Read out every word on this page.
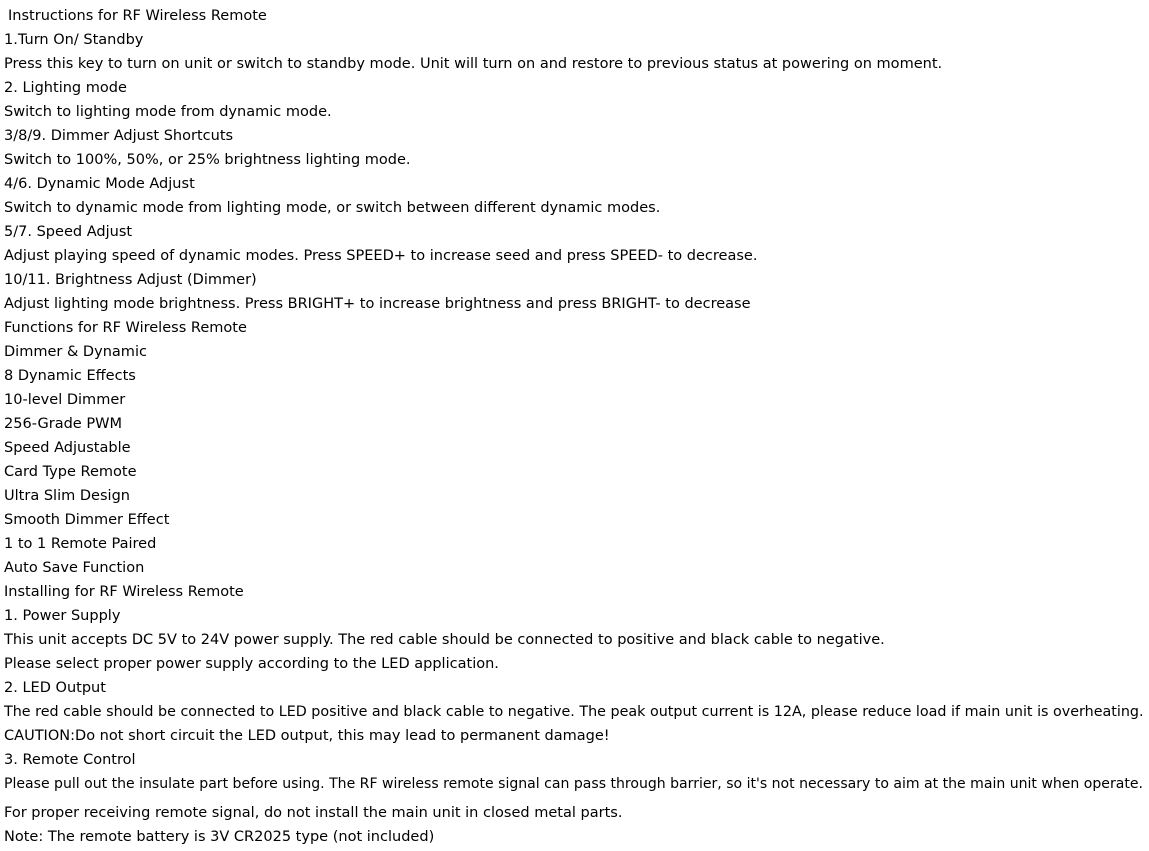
Instructions for RF Wireless Remote
1.Turn On/ Standby
Press this key to turn on unit or switch to standby mode. Unit will turn on and restore to previous status at powering on moment.
2. Lighting mode
Switch to lighting mode from dynamic mode.
3/8/9. Dimmer Adjust Shortcuts
Switch to 100%, 50%, or 25% brightness lighting mode.
4/6. Dynamic Mode Adjust
Switch to dynamic mode from lighting mode, or switch between different dynamic modes.
5/7. Speed Adjust
Adjust playing speed of dynamic modes. Press SPEED+ to increase seed and press SPEED- to decrease.
10/11. Brightness Adjust (Dimmer)
Adjust lighting mode brightness. Press BRIGHT+ to increase brightness and press BRIGHT- to decrease
Functions for RF Wireless Remote
Dimmer & Dynamic
8 Dynamic Effects
10-level Dimmer
256-Grade PWM
Speed Adjustable
Card Type Remote
Ultra Slim Design
Smooth Dimmer Effect
1 to 1 Remote Paired
Auto Save Function
Installing for RF Wireless Remote
1. Power Supply
This unit accepts DC 5V to 24V power supply. The red cable should be connected to positive and black cable to negative.
Please select proper power supply according to the LED application.
2. LED Output
The red cable should be connected to LED positive and black cable to negative. The peak output current is 12A, please reduce load if main unit is overheating.
CAUTION:Do not short circuit the LED output, this may lead to permanent damage!
3. Remote Control
Please pull out the insulate part before using. The RF wireless remote signal can pass through barrier, so it's not necessary to aim at the main unit when operate.
For proper receiving remote signal, do not install the main unit in closed metal parts.
Note: The remote battery is 3V CR2025 type (not included)
